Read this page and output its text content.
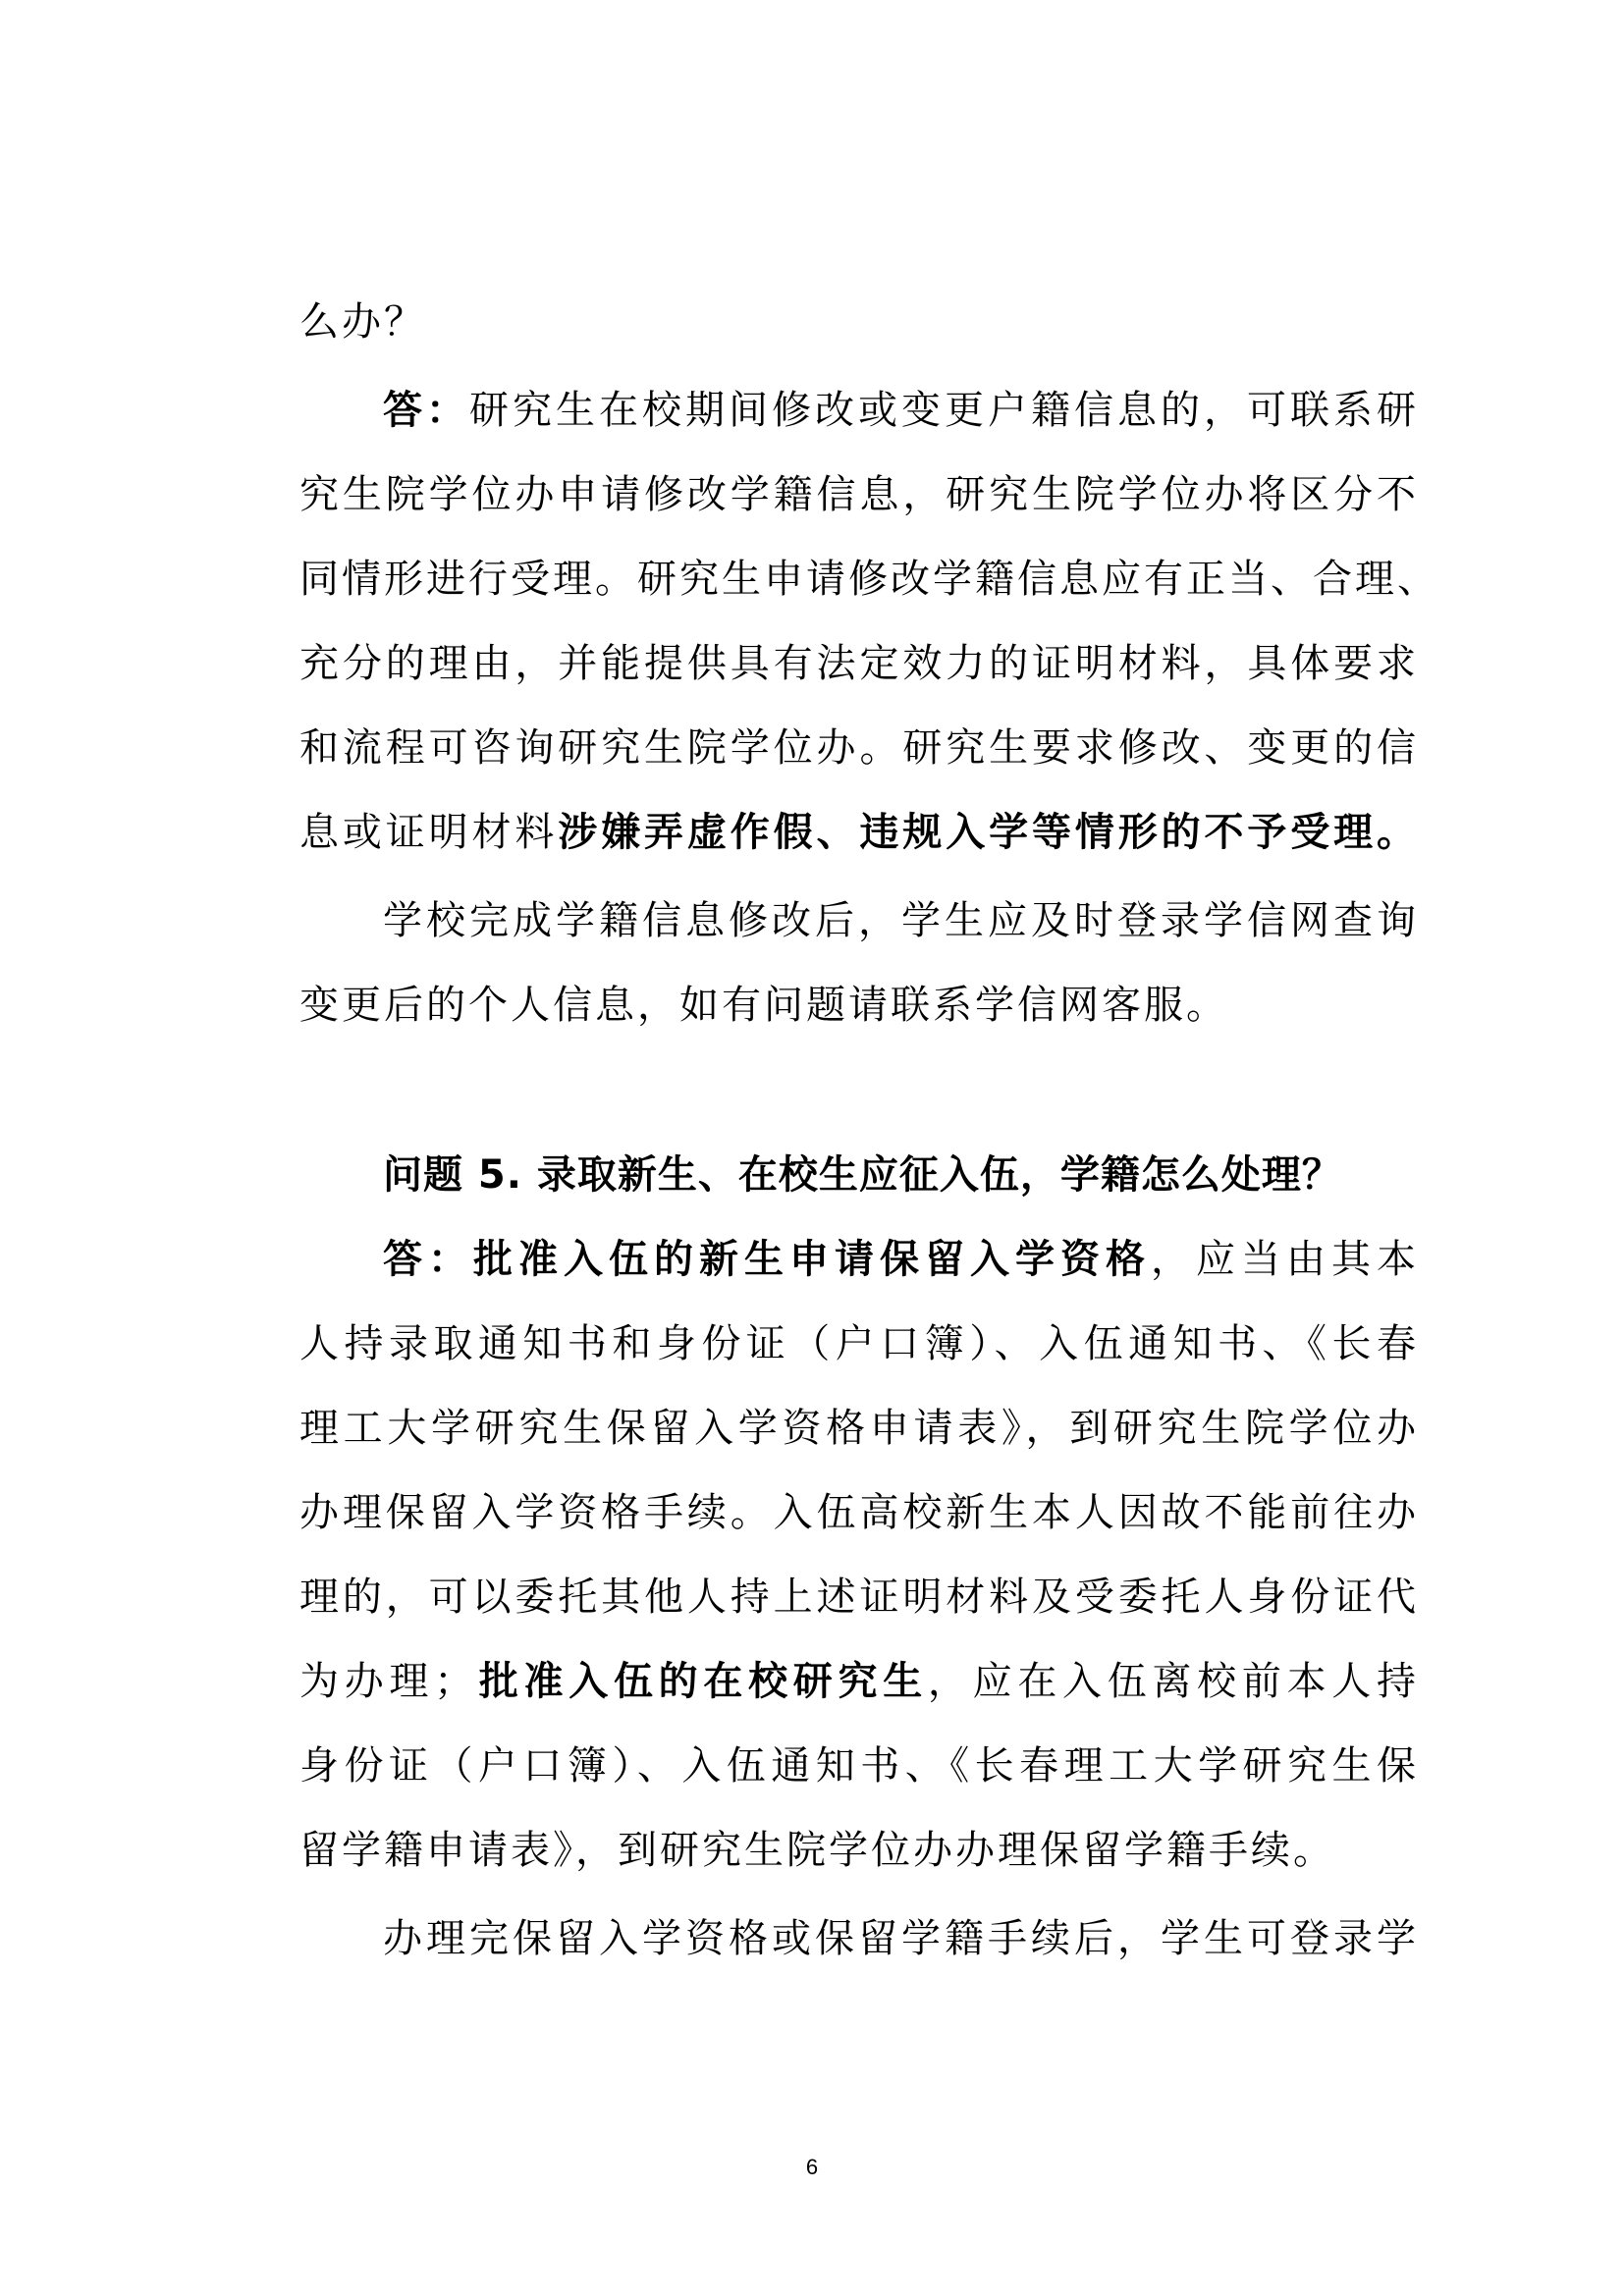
么办？
答：研究生在校期间修改或变更户籍信息的，可联系研
究生院学位办申请修改学籍信息，研究生院学位办将区分不
同情形进行受理。研究生申请修改学籍信息应有正当、合理、
充分的理由，并能提供具有法定效力的证明材料，具体要求
和流程可咨询研究生院学位办。研究生要求修改、变更的信
息或证明材料涉嫌弄虚作假、违规入学等情形的不予受理。
学校完成学籍信息修改后，学生应及时登录学信网查询
变更后的个人信息，如有问题请联系学信网客服。
问题 5. 录取新生、在校生应征入伍，学籍怎么处理？
答：批准入伍的新生申请保留入学资格，应当由其本
人持录取通知书和身份证（户口簿）、入伍通知书、《长春
理工大学研究生保留入学资格申请表》，到研究生院学位办
办理保留入学资格手续。入伍高校新生本人因故不能前往办
理的，可以委托其他人持上述证明材料及受委托人身份证代
为办理；批准入伍的在校研究生，应在入伍离校前本人持
身份证（户口簿）、入伍通知书、《长春理工大学研究生保
留学籍申请表》，到研究生院学位办办理保留学籍手续。
办理完保留入学资格或保留学籍手续后，学生可登录学
6
